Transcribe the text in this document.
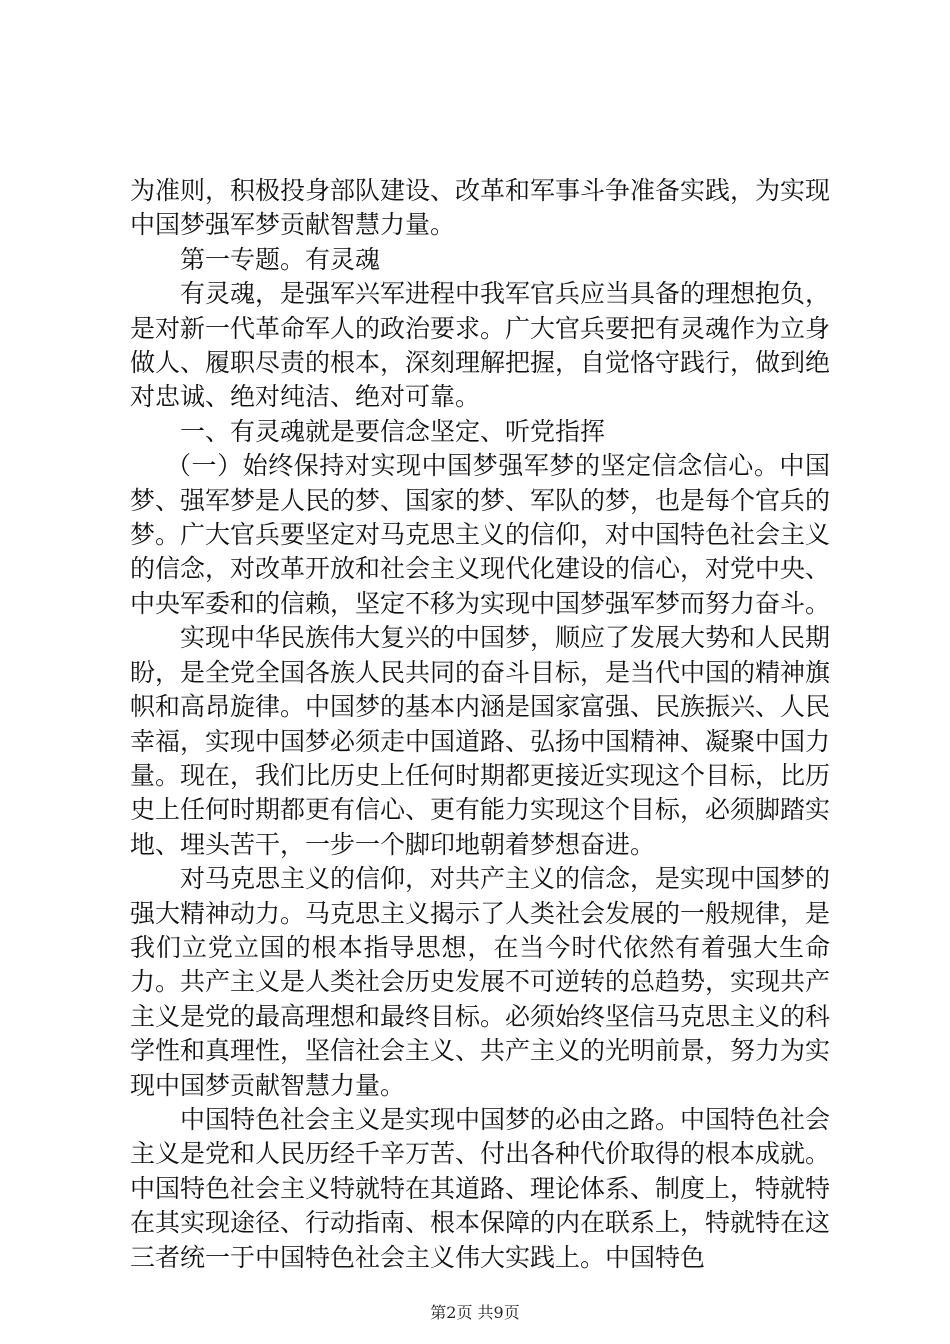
为准则，积极投身部队建设、改革和军事斗争准备实践，为实现中国梦强军梦贡献智慧力量。

第一专题。有灵魂

有灵魂，是强军兴军进程中我军官兵应当具备的理想抱负，是对新一代革命军人的政治要求。广大官兵要把有灵魂作为立身做人、履职尽责的根本，深刻理解把握，自觉恪守践行，做到绝对忠诚、绝对纯洁、绝对可靠。

一、有灵魂就是要信念坚定、听党指挥

（一）始终保持对实现中国梦强军梦的坚定信念信心。中国梦、强军梦是人民的梦、国家的梦、军队的梦，也是每个官兵的梦。广大官兵要坚定对马克思主义的信仰，对中国特色社会主义的信念，对改革开放和社会主义现代化建设的信心，对党中央、中央军委和的信赖，坚定不移为实现中国梦强军梦而努力奋斗。

实现中华民族伟大复兴的中国梦，顺应了发展大势和人民期盼，是全党全国各族人民共同的奋斗目标，是当代中国的精神旗帜和高昂旋律。中国梦的基本内涵是国家富强、民族振兴、人民幸福，实现中国梦必须走中国道路、弘扬中国精神、凝聚中国力量。现在，我们比历史上任何时期都更接近实现这个目标，比历史上任何时期都更有信心、更有能力实现这个目标，必须脚踏实地、埋头苦干，一步一个脚印地朝着梦想奋进。

对马克思主义的信仰，对共产主义的信念，是实现中国梦的强大精神动力。马克思主义揭示了人类社会发展的一般规律，是我们立党立国的根本指导思想，在当今时代依然有着强大生命力。共产主义是人类社会历史发展不可逆转的总趋势，实现共产主义是党的最高理想和最终目标。必须始终坚信马克思主义的科学性和真理性，坚信社会主义、共产主义的光明前景，努力为实现中国梦贡献智慧力量。

中国特色社会主义是实现中国梦的必由之路。中国特色社会主义是党和人民历经千辛万苦、付出各种代价取得的根本成就。中国特色社会主义特就特在其道路、理论体系、制度上，特就特在其实现途径、行动指南、根本保障的内在联系上，特就特在这三者统一于中国特色社会主义伟大实践上。中国特色

第2页 共9页
